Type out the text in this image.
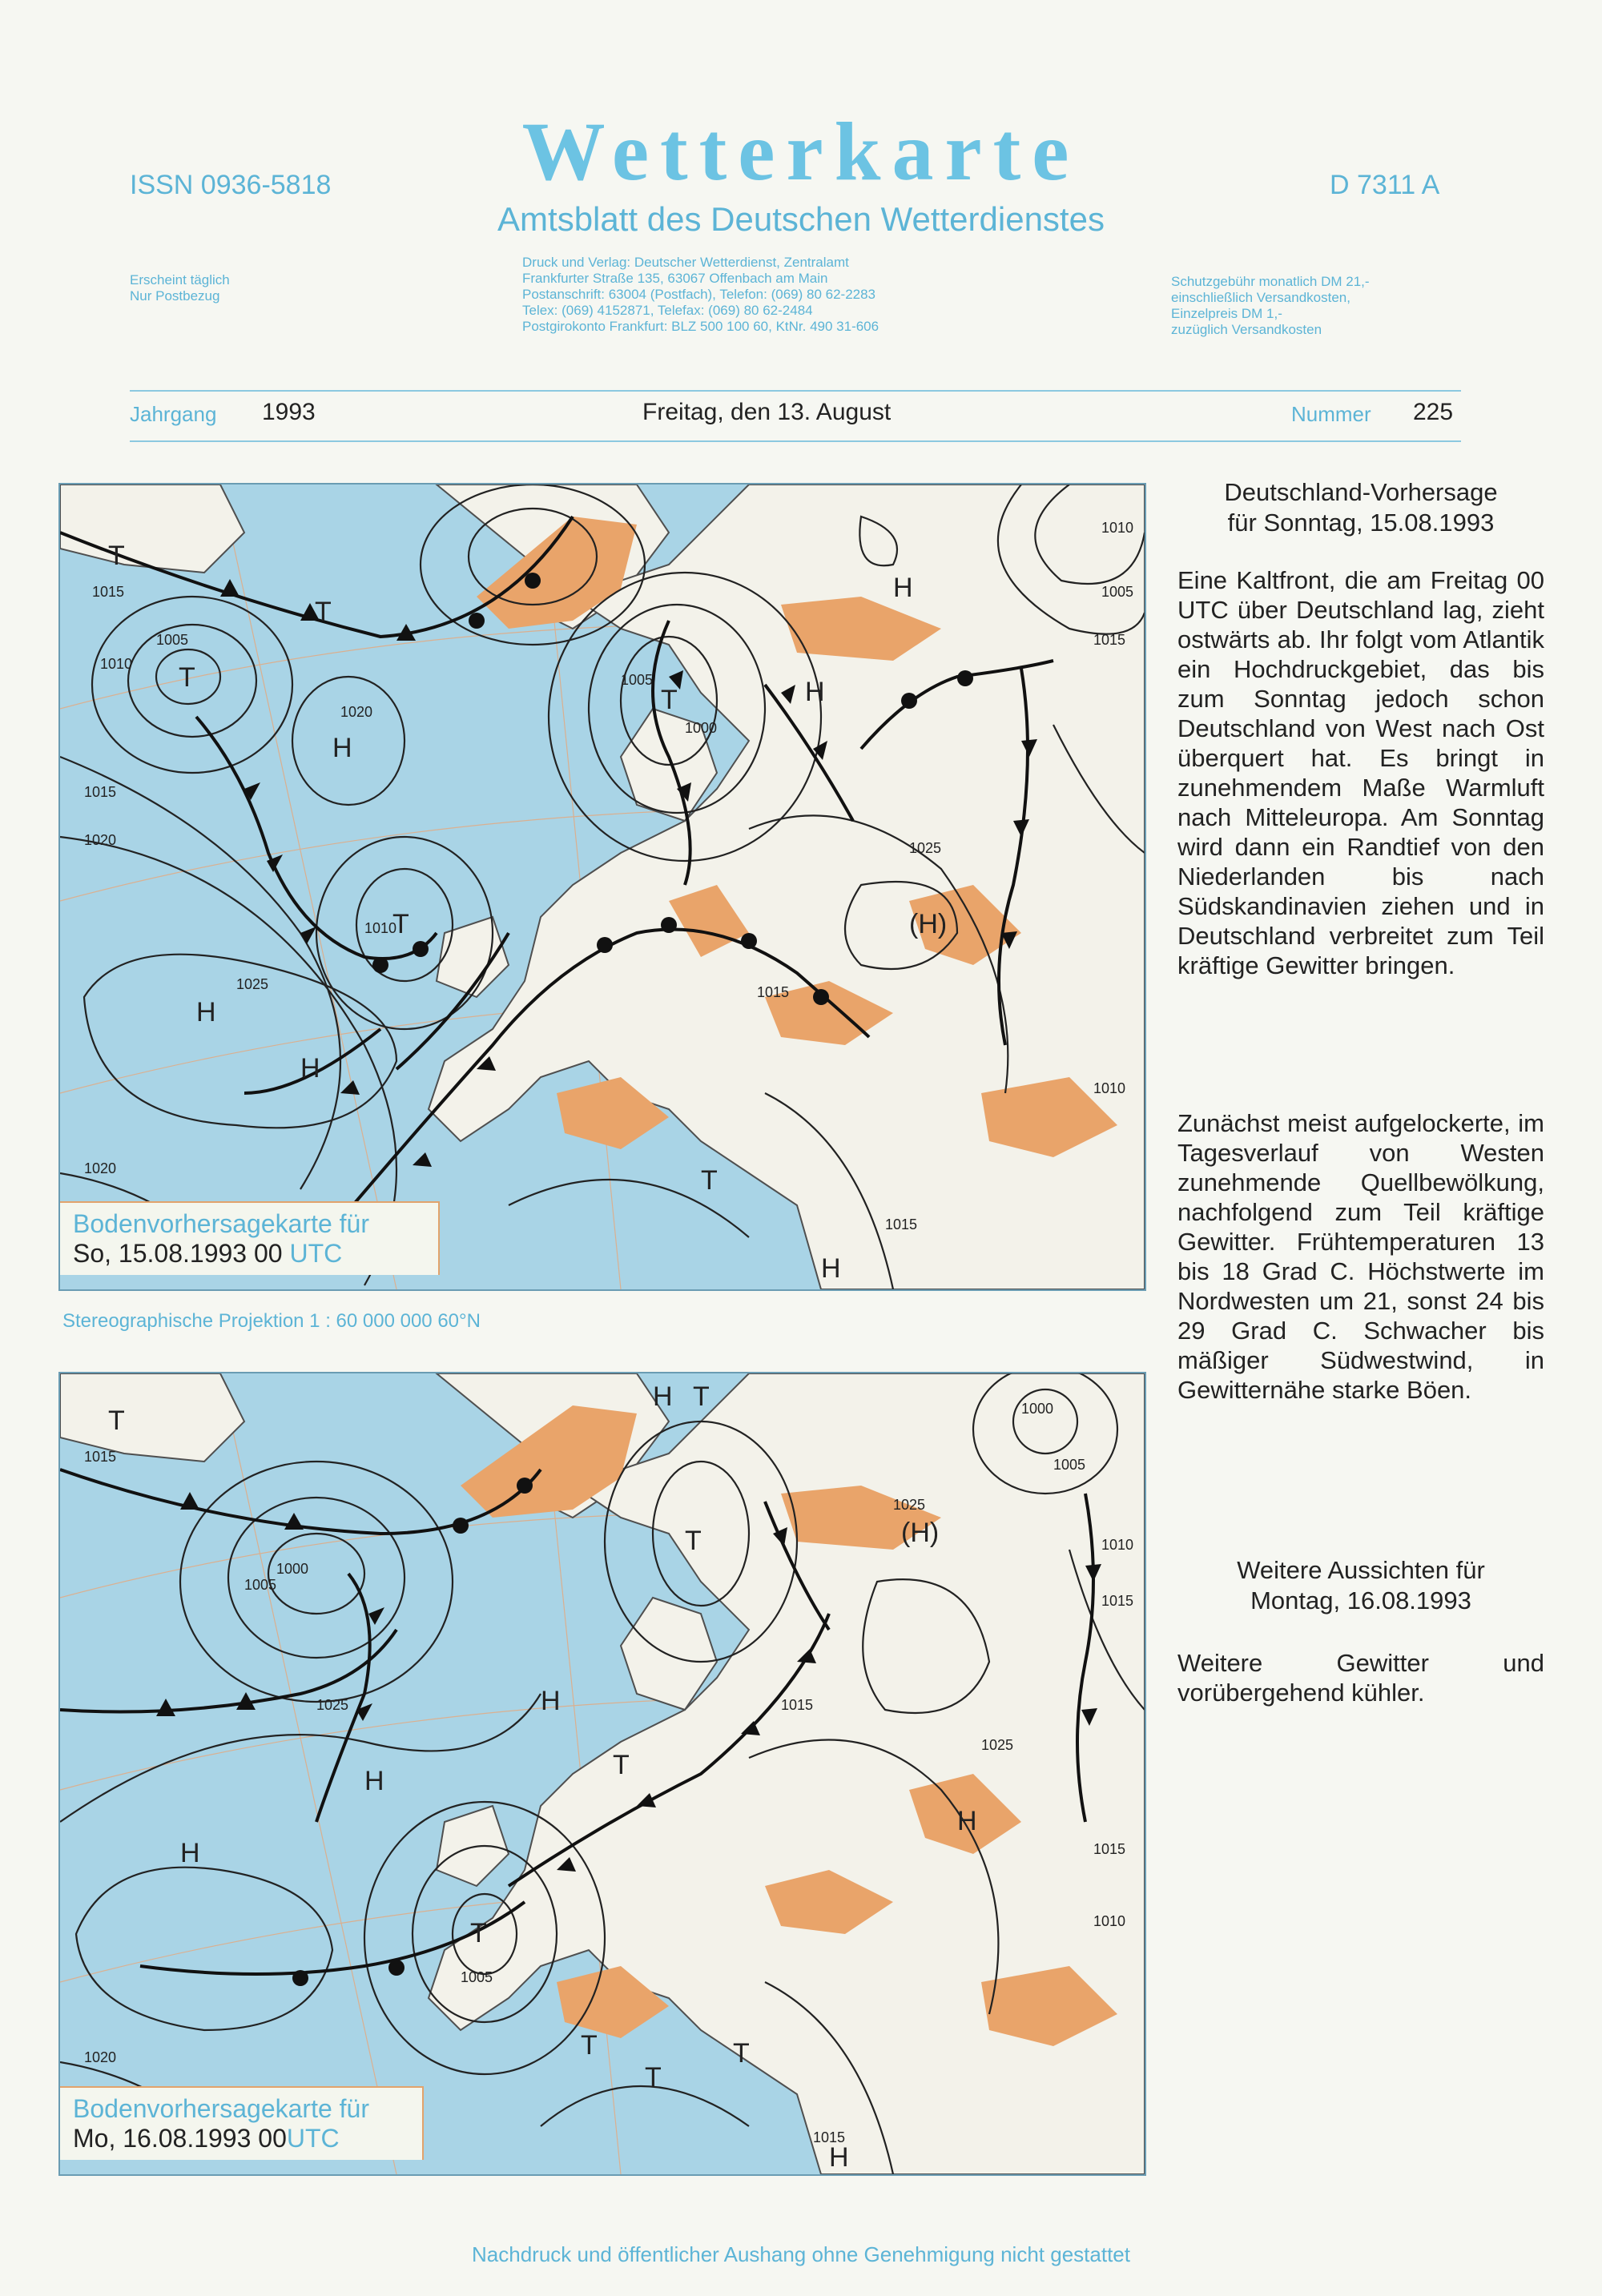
ISSN 0936-5818	Wetterkarte	D 7311 A
Amtsblatt des Deutschen Wetterdienstes
Erscheint täglich
Nur Postbezug
Druck und Verlag: Deutscher Wetterdienst, Zentralamt
Frankfurter Straße 135, 63067 Offenbach am Main
Postanschrift: 63004 (Postfach), Telefon: (069) 80 62-2283
Telex: (069) 4152871, Telefax: (069) 80 62-2484
Postgirokonto Frankfurt: BLZ 500 100 60, KtNr. 490 31-606
Schutzgebühr monatlich DM 21,-
einschließlich Versandkosten,
Einzelpreis DM 1,-
zuzüglich Versandkosten
Jahrgang 1993	Freitag, den 13. August	Nummer 225
T
T
T
T
H
H
H
H
H
(H)
T
T
H
1015
1010
1005
1020
1015
1020
1010
1025
1000
1005
1025
1015
1020
1015
1010
1005
1010
1015
Bodenvorhersagekarte für
So, 15.08.1993 00 UTC
Stereographische Projektion 1 : 60 000 000 60°N
T
H T
T	(H)
T
H
H
H
H
T
T
T
T
H
1015
1005
1000
1025
1005
1025
1015
1025
1005
1000
1010
1015
1020
1015
1010
1015
Bodenvorhersagekarte für
Mo, 16.08.1993 00UTC
Deutschland-Vorhersage
für Sonntag, 15.08.1993
Eine Kaltfront, die am Freitag 00 UTC über Deutschland lag, zieht ostwärts ab. Ihr folgt vom Atlantik ein Hochdruckgebiet, das bis zum Sonntag jedoch schon Deutschland von West nach Ost überquert hat. Es bringt in zunehmendem Maße Warmluft nach Mitteleuropa. Am Sonntag wird dann ein Randtief von den Niederlanden bis nach Südskandinavien ziehen und in Deutschland verbreitet zum Teil kräftige Gewitter bringen.
Zunächst meist aufgelockerte, im Tagesverlauf von Westen zunehmende Quellbewölkung, nachfolgend zum Teil kräftige Gewitter. Frühtemperaturen 13 bis 18 Grad C. Höchstwerte im Nordwesten um 21, sonst 24 bis 29 Grad C. Schwacher bis mäßiger Südwestwind, in Gewitternähe starke Böen.
Weitere Aussichten für
Montag, 16.08.1993
Weitere Gewitter und vorübergehend kühler.
Nachdruck und öffentlicher Aushang ohne Genehmigung nicht gestattet
